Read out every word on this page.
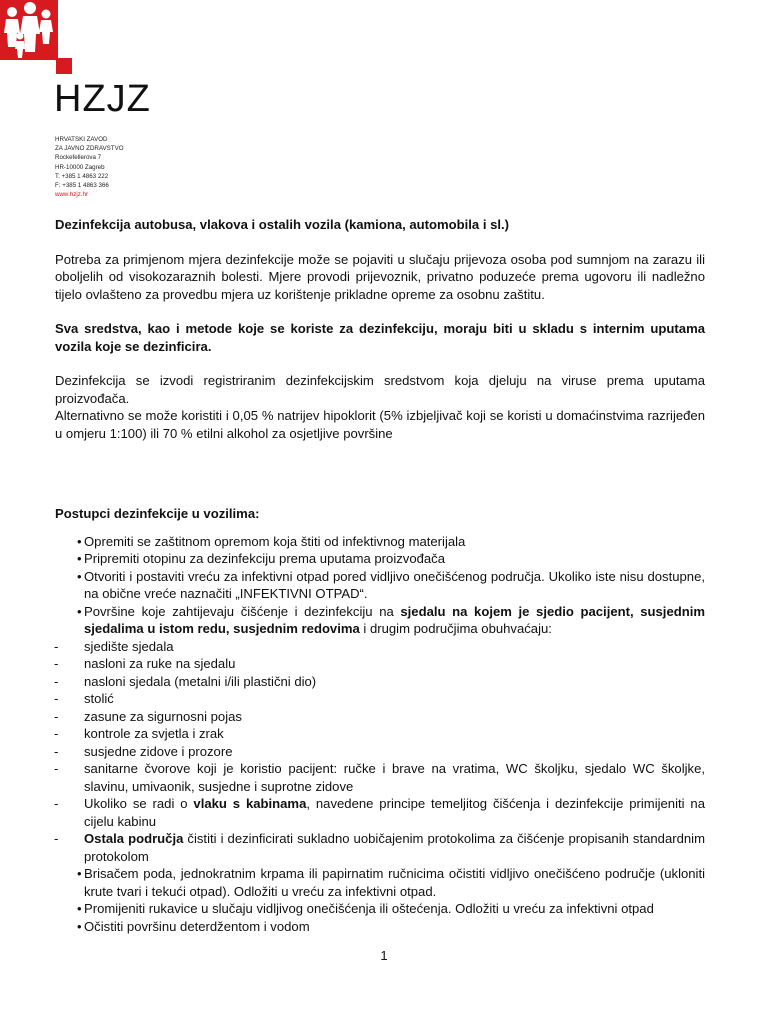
HZJZ
HRVATSKI ZAVOD
ZA JAVNO ZDRAVSTVO
Rockefellerova 7
HR-10000 Zagreb
T: +385 1 4863 222
F: +385 1 4863 366
www.hzjz.hr
Dezinfekcija autobusa, vlakova i ostalih vozila (kamiona, automobila i sl.)

Potreba za primjenom mjera dezinfekcije može se pojaviti u slučaju prijevoza osoba pod sumnjom na zarazu ili oboljelih od visokozaraznih bolesti. Mjere provodi prijevoznik, privatno poduzeće prema ugovoru ili nadležno tijelo ovlašteno za provedbu mjera uz korištenje prikladne opreme za osobnu zaštitu.

Sva sredstva, kao i metode koje se koriste za dezinfekciju, moraju biti u skladu s internim uputama vozila koje se dezinficira.

Dezinfekcija se izvodi registriranim dezinfekcijskim sredstvom koja djeluju na viruse prema uputama proizvođača.

Alternativno se može koristiti i 0,05 % natrijev hipoklorit (5% izbjeljivač koji se koristi u domaćinstvima razrijeđen u omjeru 1:100) ili 70 % etilni alkohol za osjetljive površine

Postupci dezinfekcije u vozilima:

• Opremiti se zaštitnom opremom koja štiti od infektivnog materijala
• Pripremiti otopinu za dezinfekciju prema uputama proizvođača
• Otvoriti i postaviti vreću za infektivni otpad pored vidljivo onečišćenog područja. Ukoliko iste nisu dostupne, na obične vreće naznačiti „INFEKTIVNI OTPAD“.
• Površine koje zahtijevaju čišćenje i dezinfekciju na sjedalu na kojem je sjedio pacijent, susjednim sjedalima u istom redu, susjednim redovima i drugim područjima obuhvaćaju:
-	sjedište sjedala
-	nasloni za ruke na sjedalu
-	nasloni sjedala (metalni i/ili plastični dio)
-	stolić
-	zasune za sigurnosni pojas
-	kontrole za svjetla i zrak
-	susjedne zidove i prozore
-	sanitarne čvorove koji je koristio pacijent: ručke i brave na vratima, WC školjku, sjedalo WC školjke, slavinu, umivaonik, susjedne i suprotne zidove
-	Ukoliko se radi o vlaku s kabinama, navedene principe temeljitog čišćenja i dezinfekcije primijeniti na cijelu kabinu
-	Ostala područja čistiti i dezinficirati sukladno uobičajenim protokolima za čišćenje propisanih standardnim protokolom
• Brisačem poda, jednokratnim krpama ili papirnatim ručnicima očistiti vidljivo onečišćeno područje (ukloniti krute tvari i tekući otpad). Odložiti u vreću za infektivni otpad.
• Promijeniti rukavice u slučaju vidljivog onečišćenja ili oštećenja. Odložiti u vreću za infektivni otpad
• Očistiti površinu deterdžentom i vodom
1
